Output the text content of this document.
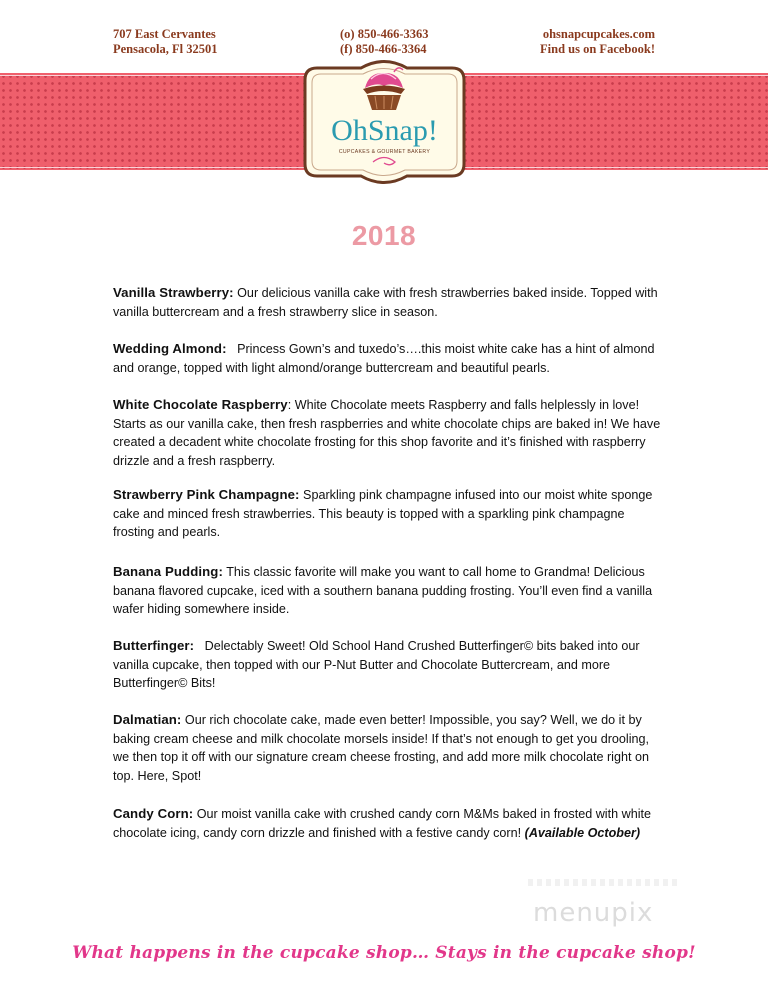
707 East Cervantes
Pensacola, Fl 32501
(o) 850-466-3363
(f) 850-466-3364
ohsnapcupcakes.com
Find us on Facebook!
OhSnap!
CUPCAKES & GOURMET BAKERY
2018
Vanilla Strawberry: Our delicious vanilla cake with fresh strawberries baked inside. Topped with vanilla buttercream and a fresh strawberry slice in season.
Wedding Almond: Princess Gown’s and tuxedo’s….this moist white cake has a hint of almond and orange, topped with light almond/orange buttercream and beautiful pearls.
White Chocolate Raspberry: White Chocolate meets Raspberry and falls helplessly in love! Starts as our vanilla cake, then fresh raspberries and white chocolate chips are baked in! We have created a decadent white chocolate frosting for this shop favorite and it’s finished with raspberry drizzle and a fresh raspberry.
Strawberry Pink Champagne: Sparkling pink champagne infused into our moist white sponge cake and minced fresh strawberries. This beauty is topped with a sparkling pink champagne frosting and pearls.
Banana Pudding: This classic favorite will make you want to call home to Grandma! Delicious banana flavored cupcake, iced with a southern banana pudding frosting. You’ll even find a vanilla wafer hiding somewhere inside.
Butterfinger: Delectably Sweet! Old School Hand Crushed Butterfinger© bits baked into our vanilla cupcake, then topped with our P-Nut Butter and Chocolate Buttercream, and more Butterfinger© Bits!
Dalmatian: Our rich chocolate cake, made even better! Impossible, you say? Well, we do it by baking cream cheese and milk chocolate morsels inside! If that’s not enough to get you drooling, we then top it off with our signature cream cheese frosting, and add more milk chocolate right on top. Here, Spot!
Candy Corn: Our moist vanilla cake with crushed candy corn M&Ms baked in frosted with white chocolate icing, candy corn drizzle and finished with a festive candy corn! (Available October)
menupix
What happens in the cupcake shop… Stays in the cupcake shop!
